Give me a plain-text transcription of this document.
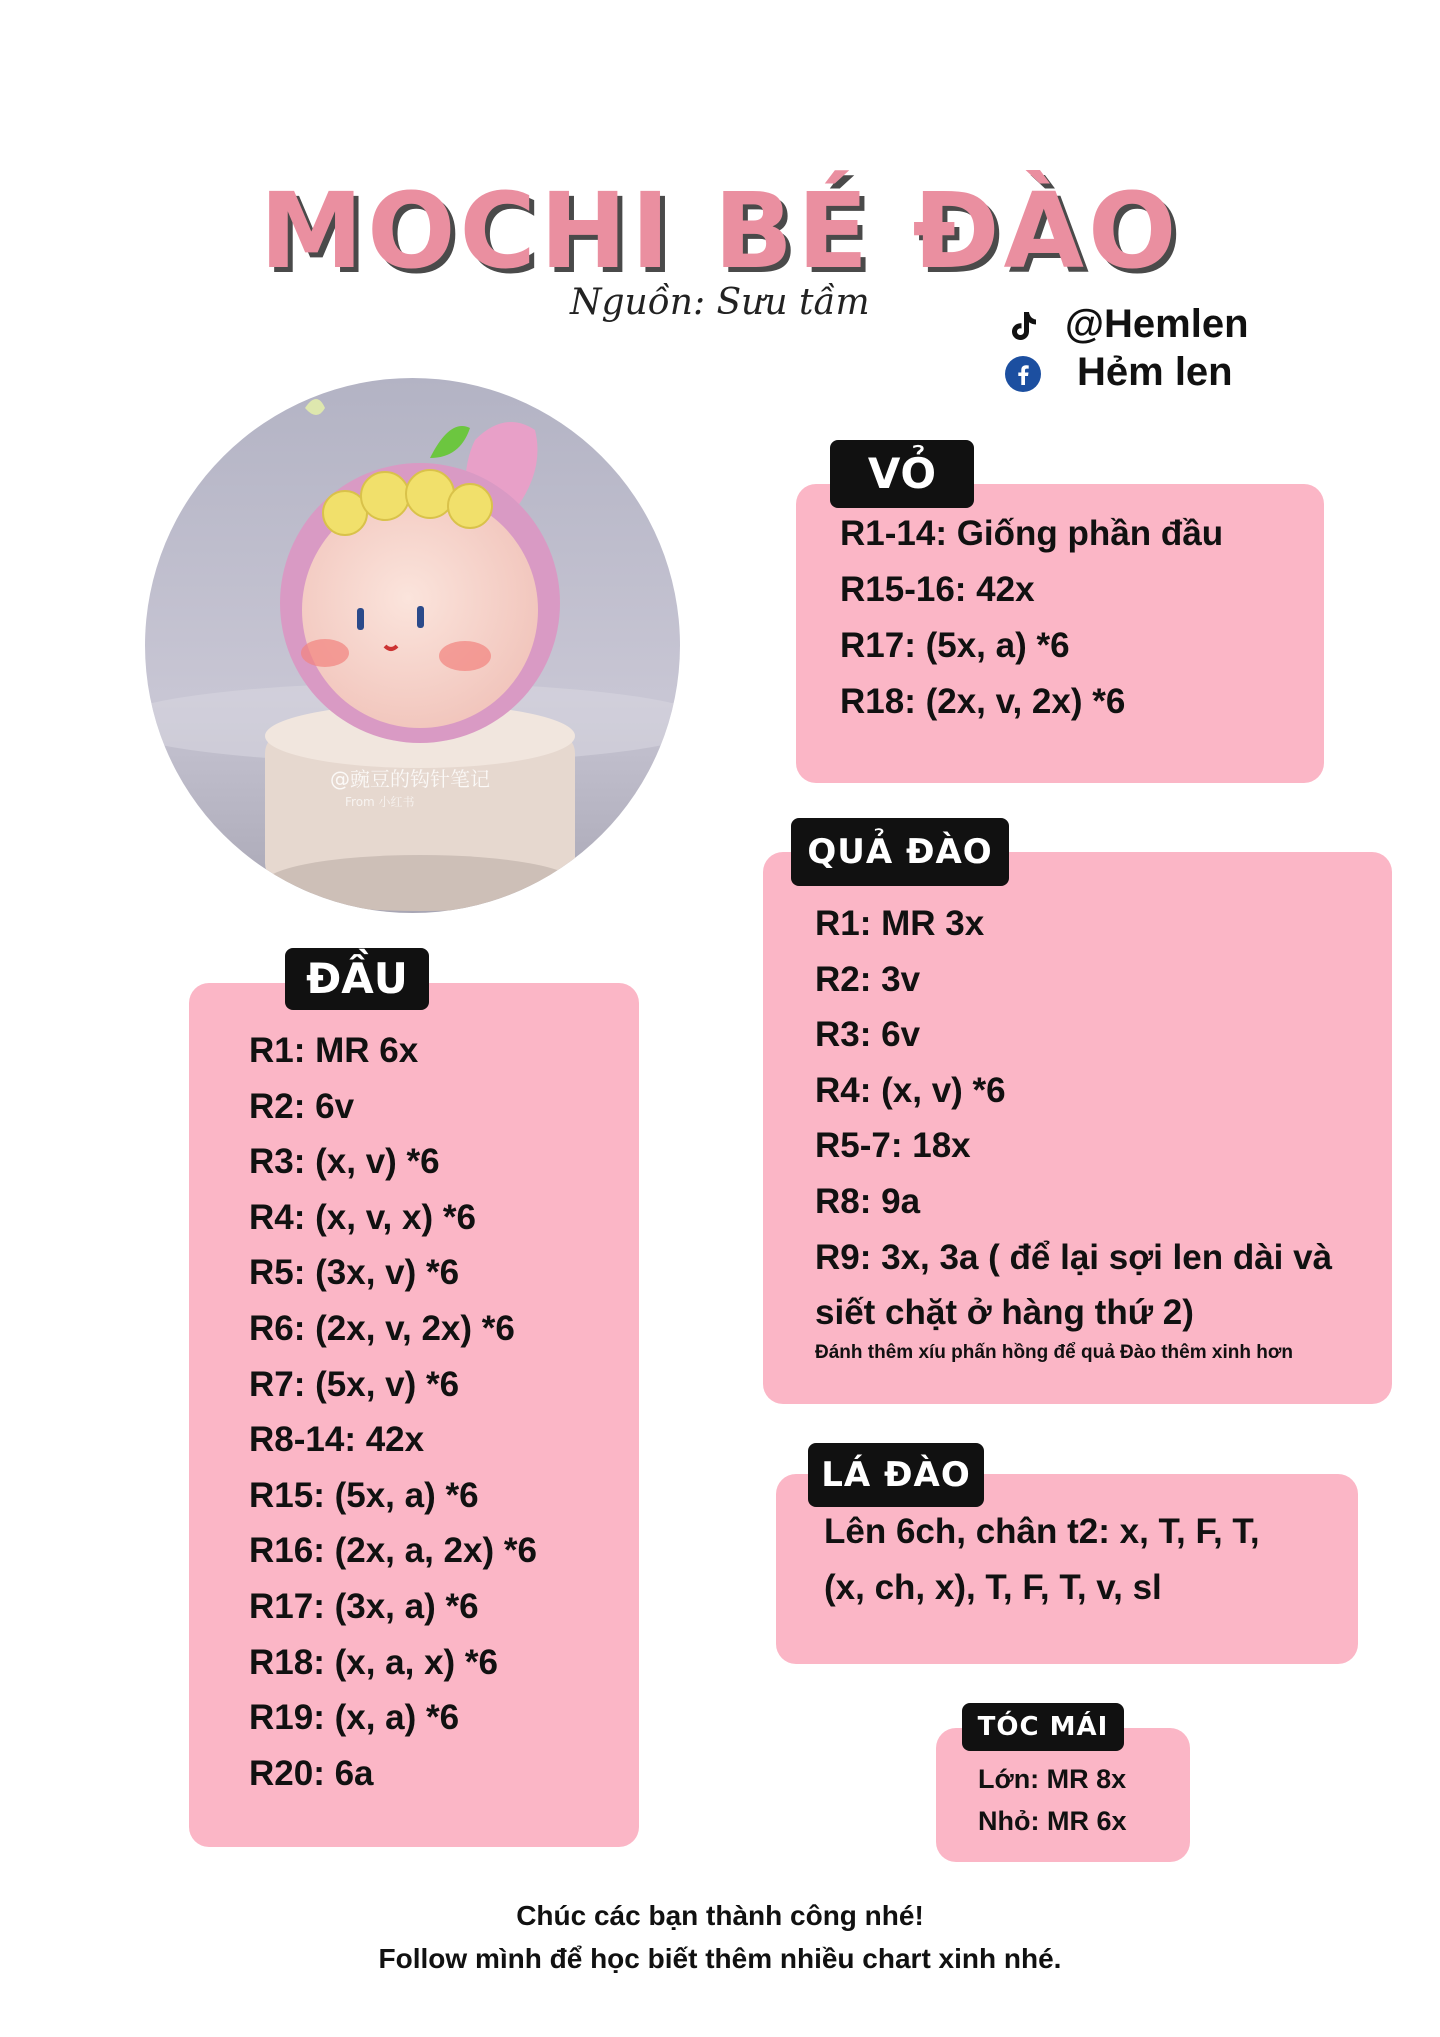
MOCHI BÉ ĐÀO
Nguồn: Sưu tầm	@Hemlen
Hẻm len
@豌豆的钩针笔记
From 小红书
R1-14: Giống phần đầu
R15-16: 42x
R17: (5x, a) *6
R18: (2x, v, 2x) *6
VỎ
R1: MR 3x
R2: 3v
R3: 6v
R4: (x, v) *6
R5-7: 18x
R8: 9a
R9: 3x, 3a ( để lại sợi len dài và
siết chặt ở hàng thứ 2)
Đánh thêm xíu phấn hồng để quả Đào thêm xinh hơn
QUẢ ĐÀO
R1: MR 6x
R2: 6v
R3: (x, v) *6
R4: (x, v, x) *6
R5: (3x, v) *6
R6: (2x, v, 2x) *6
R7: (5x, v) *6
R8-14: 42x
R15: (5x, a) *6
R16: (2x, a, 2x) *6
R17: (3x, a) *6
R18: (x, a, x) *6
R19: (x, a) *6
R20: 6a
ĐẦU
Lên 6ch, chân t2: x, T, F, T,
(x, ch, x), T, F, T, v, sl
LÁ ĐÀO
Lớn: MR 8x
Nhỏ: MR 6x
TÓC MÁI
Chúc các bạn thành công nhé!
Follow mình để học biết thêm nhiều chart xinh nhé.
